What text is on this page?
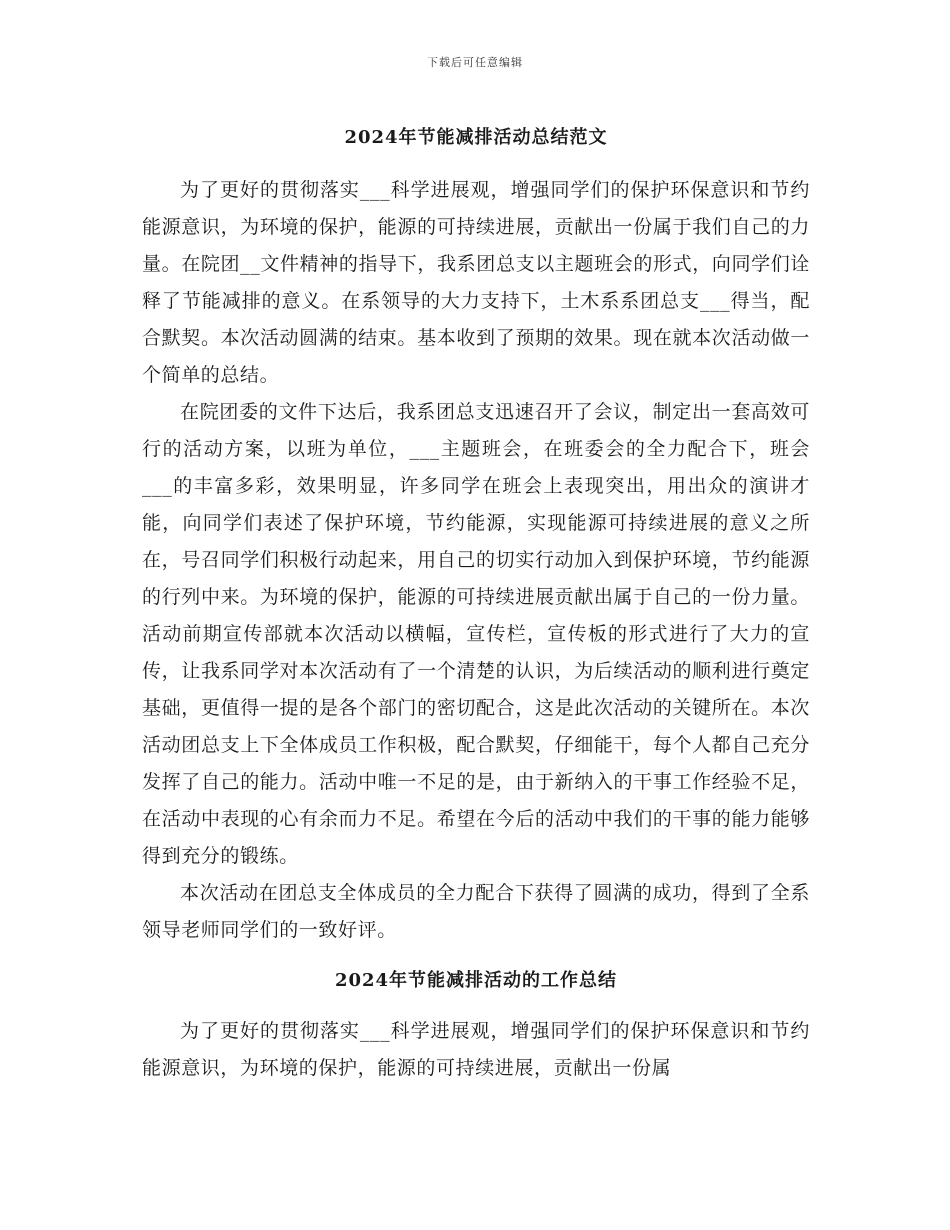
下载后可任意编辑
2024年节能减排活动总结范文

为了更好的贯彻落实___科学进展观，增强同学们的保护环保意识和节约能源意识，为环境的保护，能源的可持续进展，贡献出一份属于我们自己的力量。在院团__文件精神的指导下，我系团总支以主题班会的形式，向同学们诠释了节能减排的意义。在系领导的大力支持下，土木系系团总支___得当，配合默契。本次活动圆满的结束。基本收到了预期的效果。现在就本次活动做一个简单的总结。

在院团委的文件下达后，我系团总支迅速召开了会议，制定出一套高效可行的活动方案，以班为单位，___主题班会，在班委会的全力配合下，班会___的丰富多彩，效果明显，许多同学在班会上表现突出，用出众的演讲才能，向同学们表述了保护环境，节约能源，实现能源可持续进展的意义之所在，号召同学们积极行动起来，用自己的切实行动加入到保护环境，节约能源的行列中来。为环境的保护，能源的可持续进展贡献出属于自己的一份力量。活动前期宣传部就本次活动以横幅，宣传栏，宣传板的形式进行了大力的宣传，让我系同学对本次活动有了一个清楚的认识，为后续活动的顺利进行奠定基础，更值得一提的是各个部门的密切配合，这是此次活动的关键所在。本次活动团总支上下全体成员工作积极，配合默契，仔细能干，每个人都自己充分发挥了自己的能力。活动中唯一不足的是，由于新纳入的干事工作经验不足，在活动中表现的心有余而力不足。希望在今后的活动中我们的干事的能力能够得到充分的锻练。

本次活动在团总支全体成员的全力配合下获得了圆满的成功，得到了全系领导老师同学们的一致好评。

2024年节能减排活动的工作总结

为了更好的贯彻落实___科学进展观，增强同学们的保护环保意识和节约能源意识，为环境的保护，能源的可持续进展，贡献出一份属
